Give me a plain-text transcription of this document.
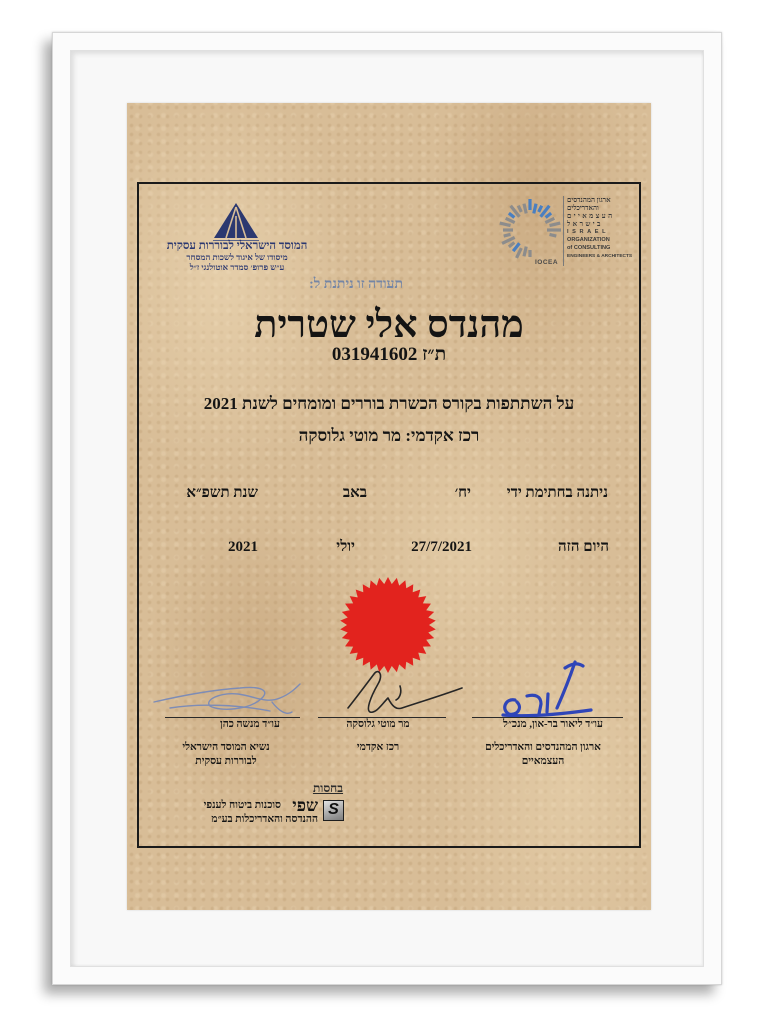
המוסד הישראלי לבוררות עסקית
מיסודו של איגוד לשכות המסחר
ע״ש פרופ׳ סמדר אוטולנגי ז״ל	IOCEA
ארגון המהנדסים
והאדריכלים
העצמאיים
בישראל
ISRAEL
ORGANIZATION
of CONSULTING
ENGINEERS & ARCHITECTS
תעודה זו ניתנת ל:
מהנדס אלי שטרית
ת״ז 031941602
על השתתפות בקורס הכשרת בוררים ומומחים לשנת 2021
רכז אקדמי: מר מוטי גלוסקה
ניתנה בחתימת ידי
יח׳
באב
שנת תשפ״א
היום הזה
27/7/2021
יולי
2021
עו״ד ליאור בר-און, מנכ״ל
מר מוטי גלוסקה
עו״ד מנשה כהן
ארגון המהנדסים והאדריכלים
העצמאיים
רכז אקדמי
נשיא המוסד הישראלי
לבוררות עסקית
בחסות
S
שפי
סוכנות ביטוח לענפי
ההנדסה והאדריכלות בע״מ
